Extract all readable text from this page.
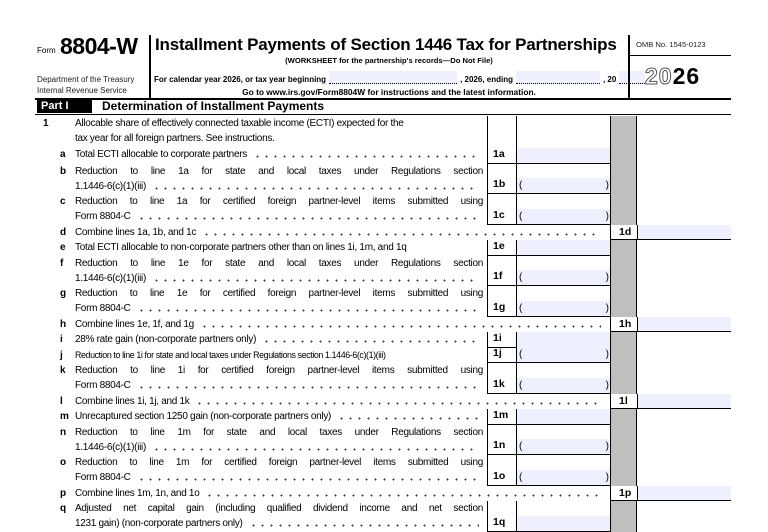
Form 8804-W
Department of the Treasury
Internal Revenue Service
Installment Payments of Section 1446 Tax for Partnerships
(WORKSHEET for the partnership's records—Do Not File)
For calendar year 2026, or tax year beginning	, 2026, ending	, 20
Go to www.irs.gov/Form8804W for instructions and the latest information.
OMB No. 1545-0123
2026
Part I	Determination of Installment Payments
1	Allocable share of effectively connected taxable income (ECTI) expected for the
tax year for all foreign partners. See instructions.
a Total ECTI allocable to corporate partners	1a
b Reduction to line 1a for state and local taxes under Regulations section
1.1446-6(c)(1)(iii)	1b (	)
c Reduction to line 1a for certified foreign partner-level items submitted using
Form 8804-C	1c (	)
d Combine lines 1a, 1b, and 1c	1d
e Total ECTI allocable to non-corporate partners other than on lines 1i, 1m, and 1q	1e
f	Reduction to line 1e for state and local taxes under Regulations section
1.1446-6(c)(1)(iii)	1f (	)
g Reduction to line 1e for certified foreign partner-level items submitted using
Form 8804-C	1g (	)
h Combine lines 1e, 1f, and 1g	1h
i	28% rate gain (non-corporate partners only)	1i
j	Reduction to line 1i for state and local taxes under Regulations section 1.1446-6(c)(1)(iii)	1j (	)
k Reduction to line 1i for certified foreign partner-level items submitted using
Form 8804-C	1k (	)
l	Combine lines 1i, 1j, and 1k	1l
m Unrecaptured section 1250 gain (non-corporate partners only)	1m
n Reduction to line 1m for state and local taxes under Regulations section
1.1446-6(c)(1)(iii)	1n (	)
o Reduction to line 1m for certified foreign partner-level items submitted using
Form 8804-C	1o (	)
p Combine lines 1m, 1n, and 1o	1p
q Adjusted net capital gain (including qualified dividend income and net section
1231 gain) (non-corporate partners only)	1q
